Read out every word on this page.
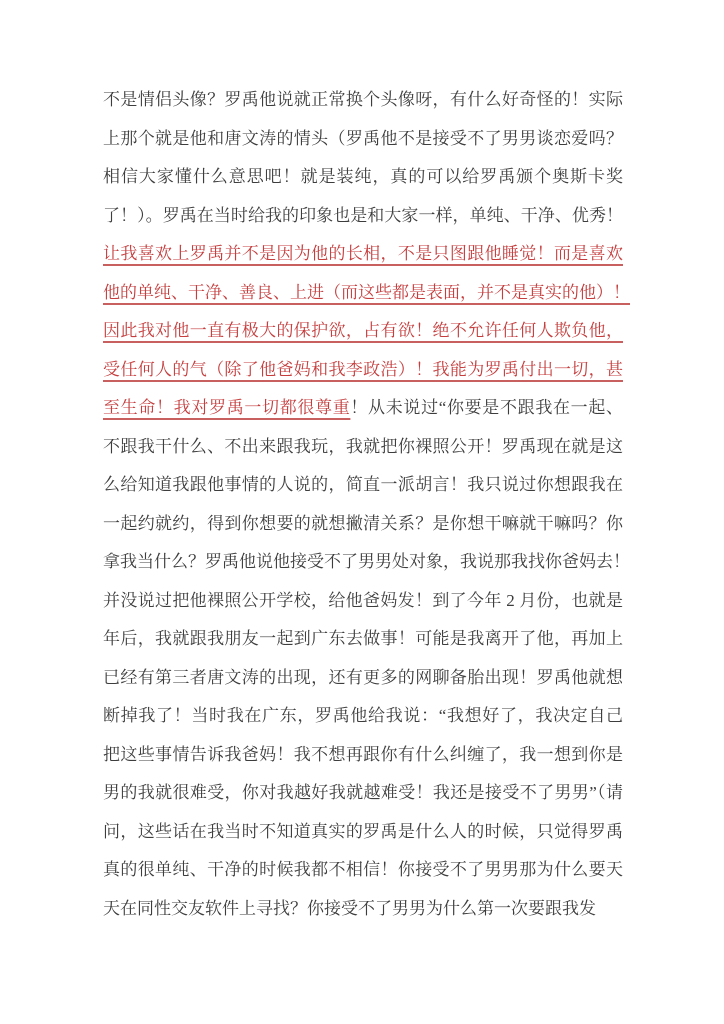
不是情侣头像？罗禹他说就正常换个头像呀，有什么好奇怪的！实际

上那个就是他和唐文涛的情头（罗禹他不是接受不了男男谈恋爱吗？

相信大家懂什么意思吧！就是装纯，真的可以给罗禹颁个奥斯卡奖

了！）。罗禹在当时给我的印象也是和大家一样，单纯、干净、优秀！

让我喜欢上罗禹并不是因为他的长相，不是只图跟他睡觉！而是喜欢

他的单纯、干净、善良、上进（而这些都是表面，并不是真实的他）！

因此我对他一直有极大的保护欲，占有欲！绝不允许任何人欺负他，

受任何人的气（除了他爸妈和我李政浩）！我能为罗禹付出一切，甚

至生命！我对罗禹一切都很尊重！从未说过“你要是不跟我在一起、

不跟我干什么、不出来跟我玩，我就把你裸照公开！罗禹现在就是这

么给知道我跟他事情的人说的，简直一派胡言！我只说过你想跟我在

一起约就约，得到你想要的就想撇清关系？是你想干嘛就干嘛吗？你

拿我当什么？罗禹他说他接受不了男男处对象，我说那我找你爸妈去！

并没说过把他裸照公开学校，给他爸妈发！到了今年 2 月份，也就是

年后，我就跟我朋友一起到广东去做事！可能是我离开了他，再加上

已经有第三者唐文涛的出现，还有更多的网聊备胎出现！罗禹他就想

断掉我了！当时我在广东，罗禹他给我说：“我想好了，我决定自己

把这些事情告诉我爸妈！我不想再跟你有什么纠缠了，我一想到你是

男的我就很难受，你对我越好我就越难受！我还是接受不了男男”（请

问，这些话在我当时不知道真实的罗禹是什么人的时候，只觉得罗禹

真的很单纯、干净的时候我都不相信！你接受不了男男那为什么要天

天在同性交友软件上寻找？你接受不了男男为什么第一次要跟我发
